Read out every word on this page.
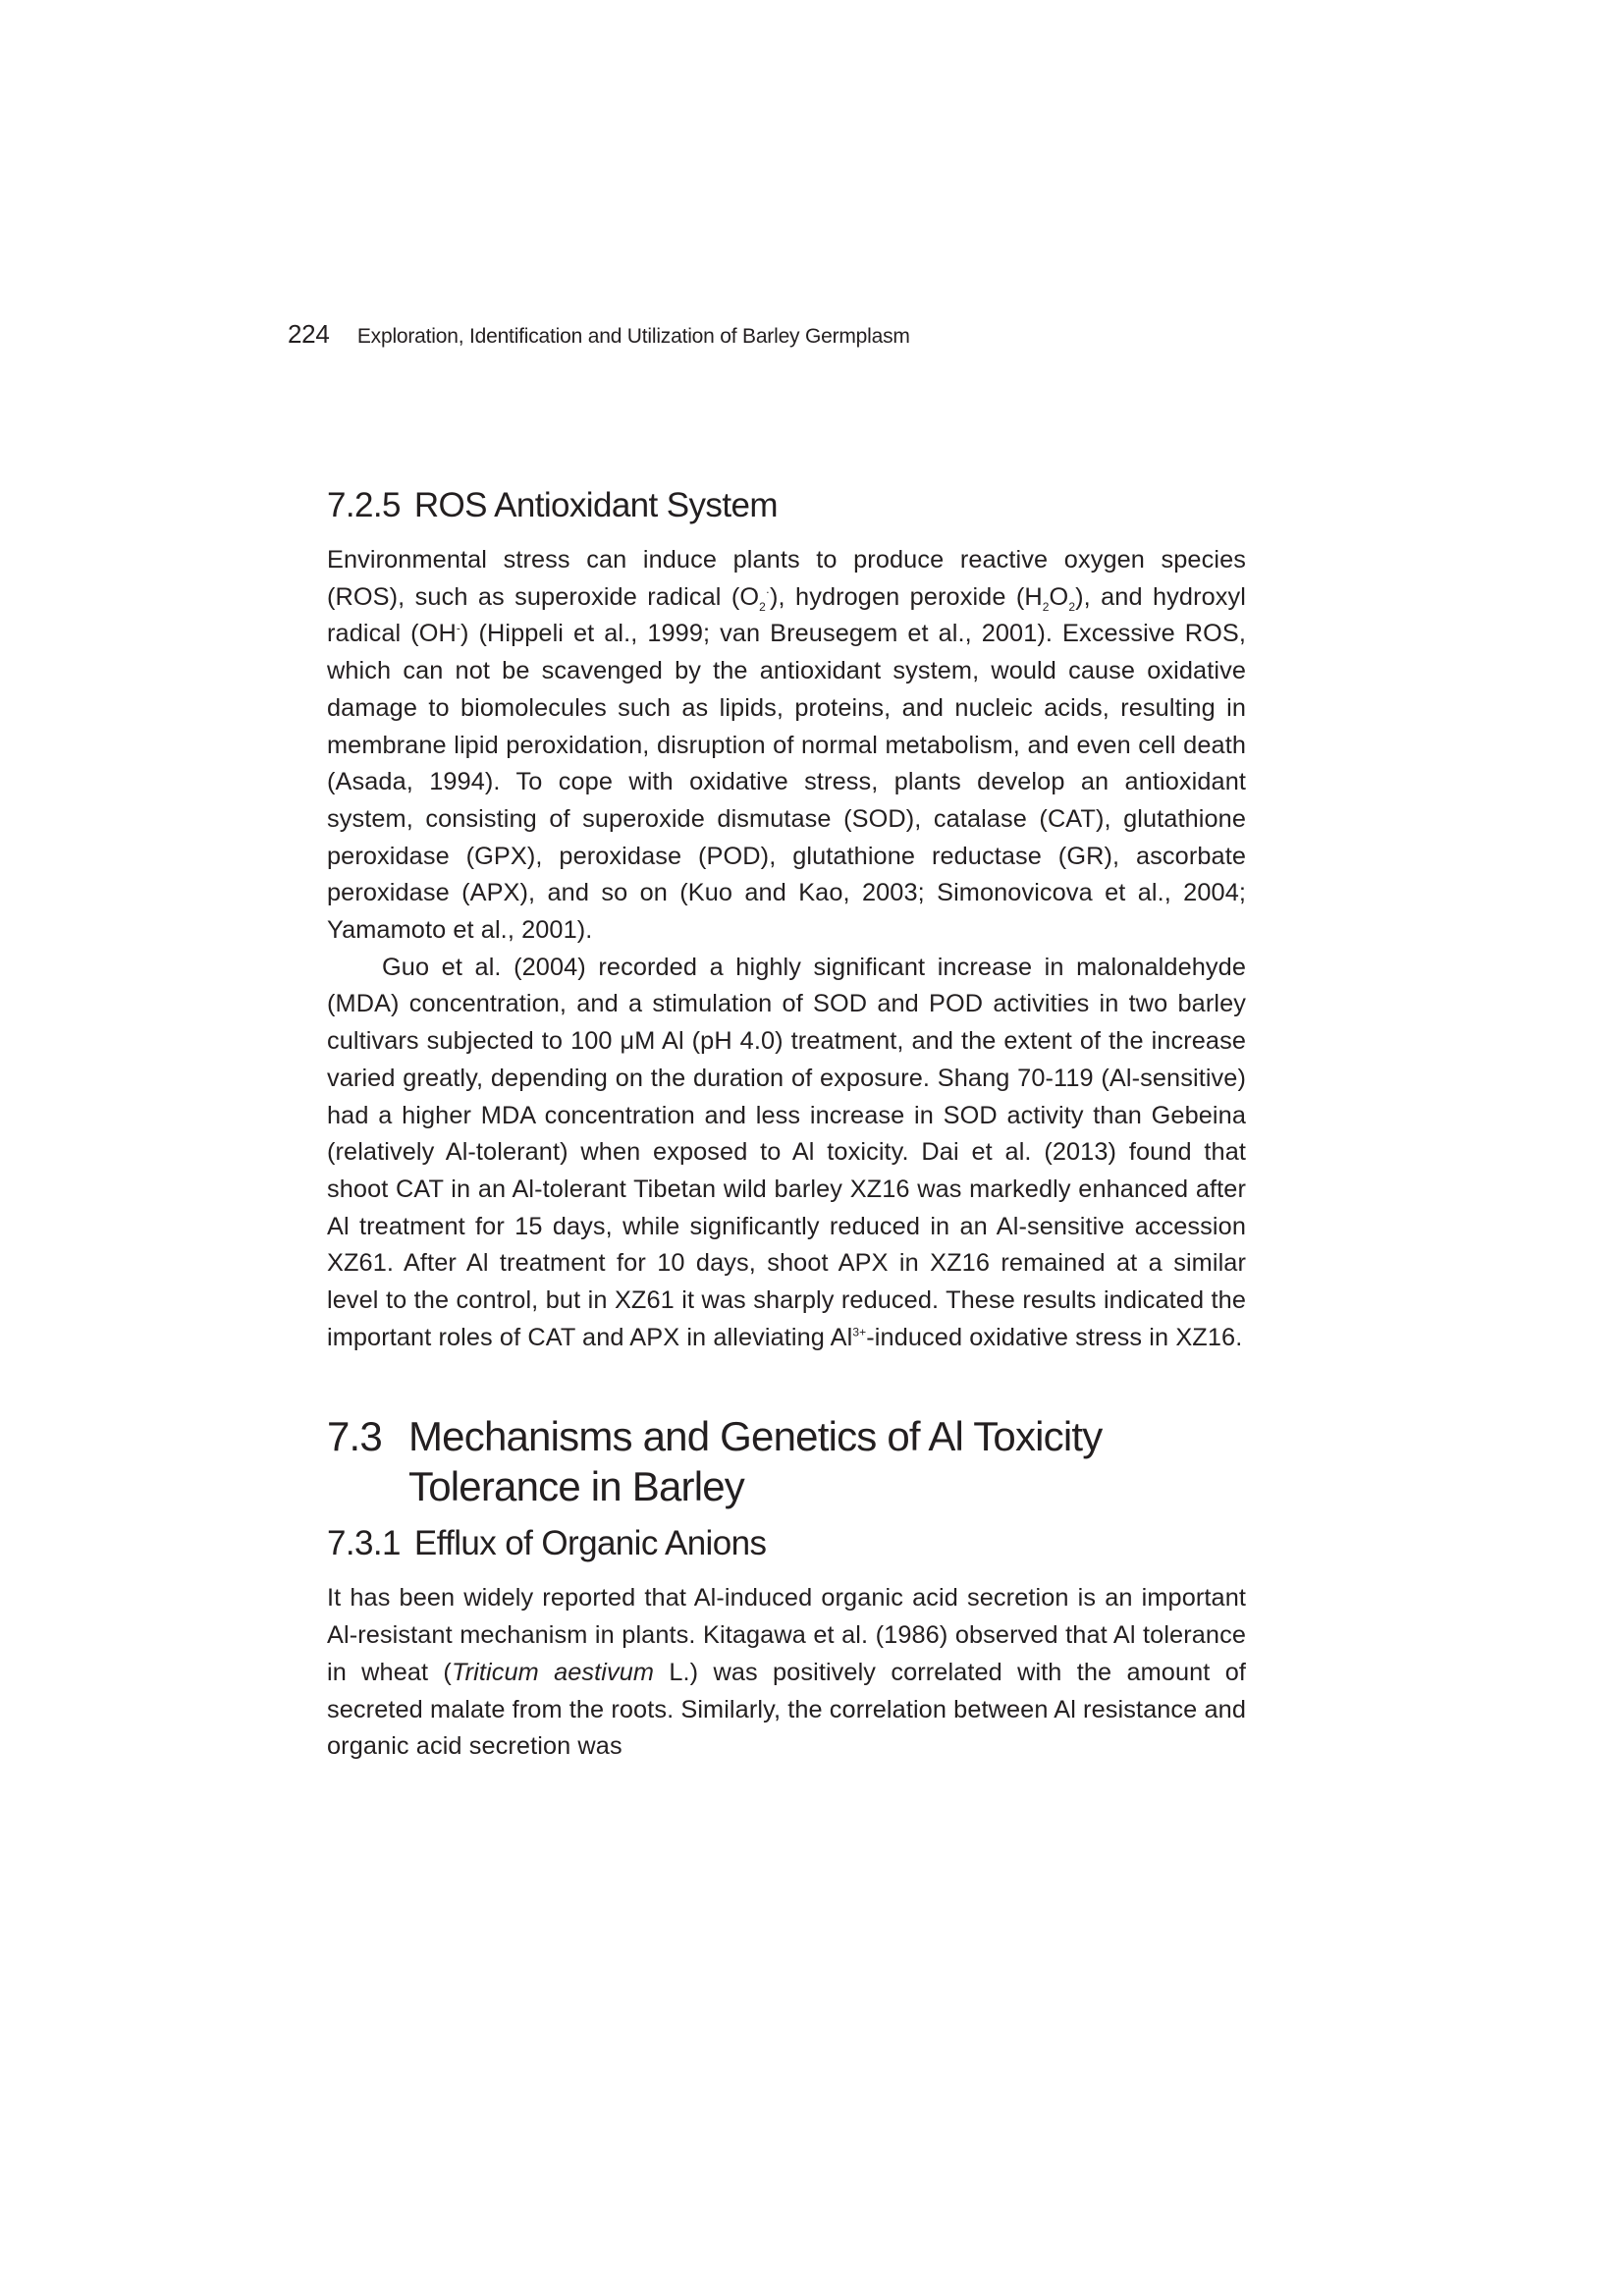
224 Exploration, Identification and Utilization of Barley Germplasm
7.2.5 ROS Antioxidant System

Environmental stress can induce plants to produce reactive oxygen species (ROS), such as superoxide radical $(O_2^\cdot)$, hydrogen peroxide $(H_2O_2)$, and hydroxyl radical (OH-) (Hippeli et al., 1999; van Breusegem et al., 2001). Excessive ROS, which can not be scavenged by the antioxidant system, would cause oxidative damage to biomolecules such as lipids, proteins, and nucleic acids, resulting in membrane lipid peroxidation, disruption of normal metabolism, and even cell death (Asada, 1994). To cope with oxidative stress, plants develop an antioxidant system, consisting of superoxide dismutase (SOD), catalase (CAT), glutathione peroxidase (GPX), peroxidase (POD), glutathione reductase (GR), ascorbate peroxidase (APX), and so on (Kuo and Kao, 2003; Simonovicova et al., 2004; Yamamoto et al., 2001).

Guo et al. (2004) recorded a highly significant increase in malonaldehyde (MDA) concentration, and a stimulation of SOD and POD activities in two barley cultivars subjected to 100 μM Al (pH 4.0) treatment, and the extent of the increase varied greatly, depending on the duration of exposure. Shang 70-119 (Al-sensitive) had a higher MDA concentration and less increase in SOD activity than Gebeina (relatively Al-tolerant) when exposed to Al toxicity. Dai et al. (2013) found that shoot CAT in an Al-tolerant Tibetan wild barley XZ16 was markedly enhanced after Al treatment for 15 days, while significantly reduced in an Al-sensitive accession XZ61. After Al treatment for 10 days, shoot APX in XZ16 remained at a similar level to the control, but in XZ61 it was sharply reduced. These results indicated the important roles of CAT and APX in alleviating $Al^{3+}$-induced oxidative stress in XZ16.

7.3 Mechanisms and Genetics of Al Toxicity
Tolerance in Barley
7.3.1 Efflux of Organic Anions

It has been widely reported that Al-induced organic acid secretion is an important Al-resistant mechanism in plants. Kitagawa et al. (1986) observed that Al tolerance in wheat (Triticum aestivum L.) was positively correlated with the amount of secreted malate from the roots. Similarly, the correlation between Al resistance and organic acid secretion was
